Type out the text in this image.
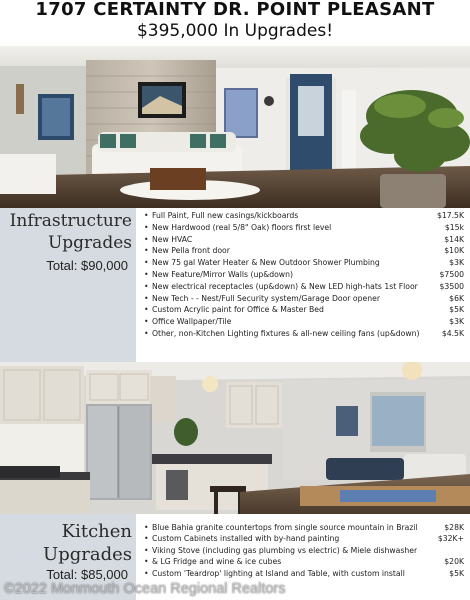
1707 CERTAINTY DR. POINT PLEASANT
$395,000 In Upgrades!
Infrastructure
Upgrades
Total: $90,000
• Full Paint, Full new casings/kickboards	$17.5K
• New Hardwood (real 5/8" Oak) floors first level	$15k
• New HVAC	$14K
• New Pella front door	$10K
• New 75 gal Water Heater & New Outdoor Shower Plumbing	$3K
• New Feature/Mirror Walls (up&down)	$7500
• New electrical receptacles (up&down) & New LED high-hats 1st Floor	$3500
• New Tech - - Nest/Full Security system/Garage Door opener	$6K
• Custom Acrylic paint for Office & Master Bed	$5K
• Office Wallpaper/Tile	$3K
• Other, non-Kitchen Lighting fixtures & all-new ceiling fans (up&down)	$4.5K
Kitchen
Upgrades
Total: $85,000
• Blue Bahia granite countertops from single source mountain in Brazil	$28K
• Custom Cabinets installed with by-hand painting	$32K+
• Viking Stove (including gas plumbing vs electric) & Miele dishwasher
• & LG Fridge and wine & ice cubes	$20K
• Custom 'Teardrop' lighting at Island and Table, with custom install	$5K
©2022 Monmouth Ocean Regional Realtors
